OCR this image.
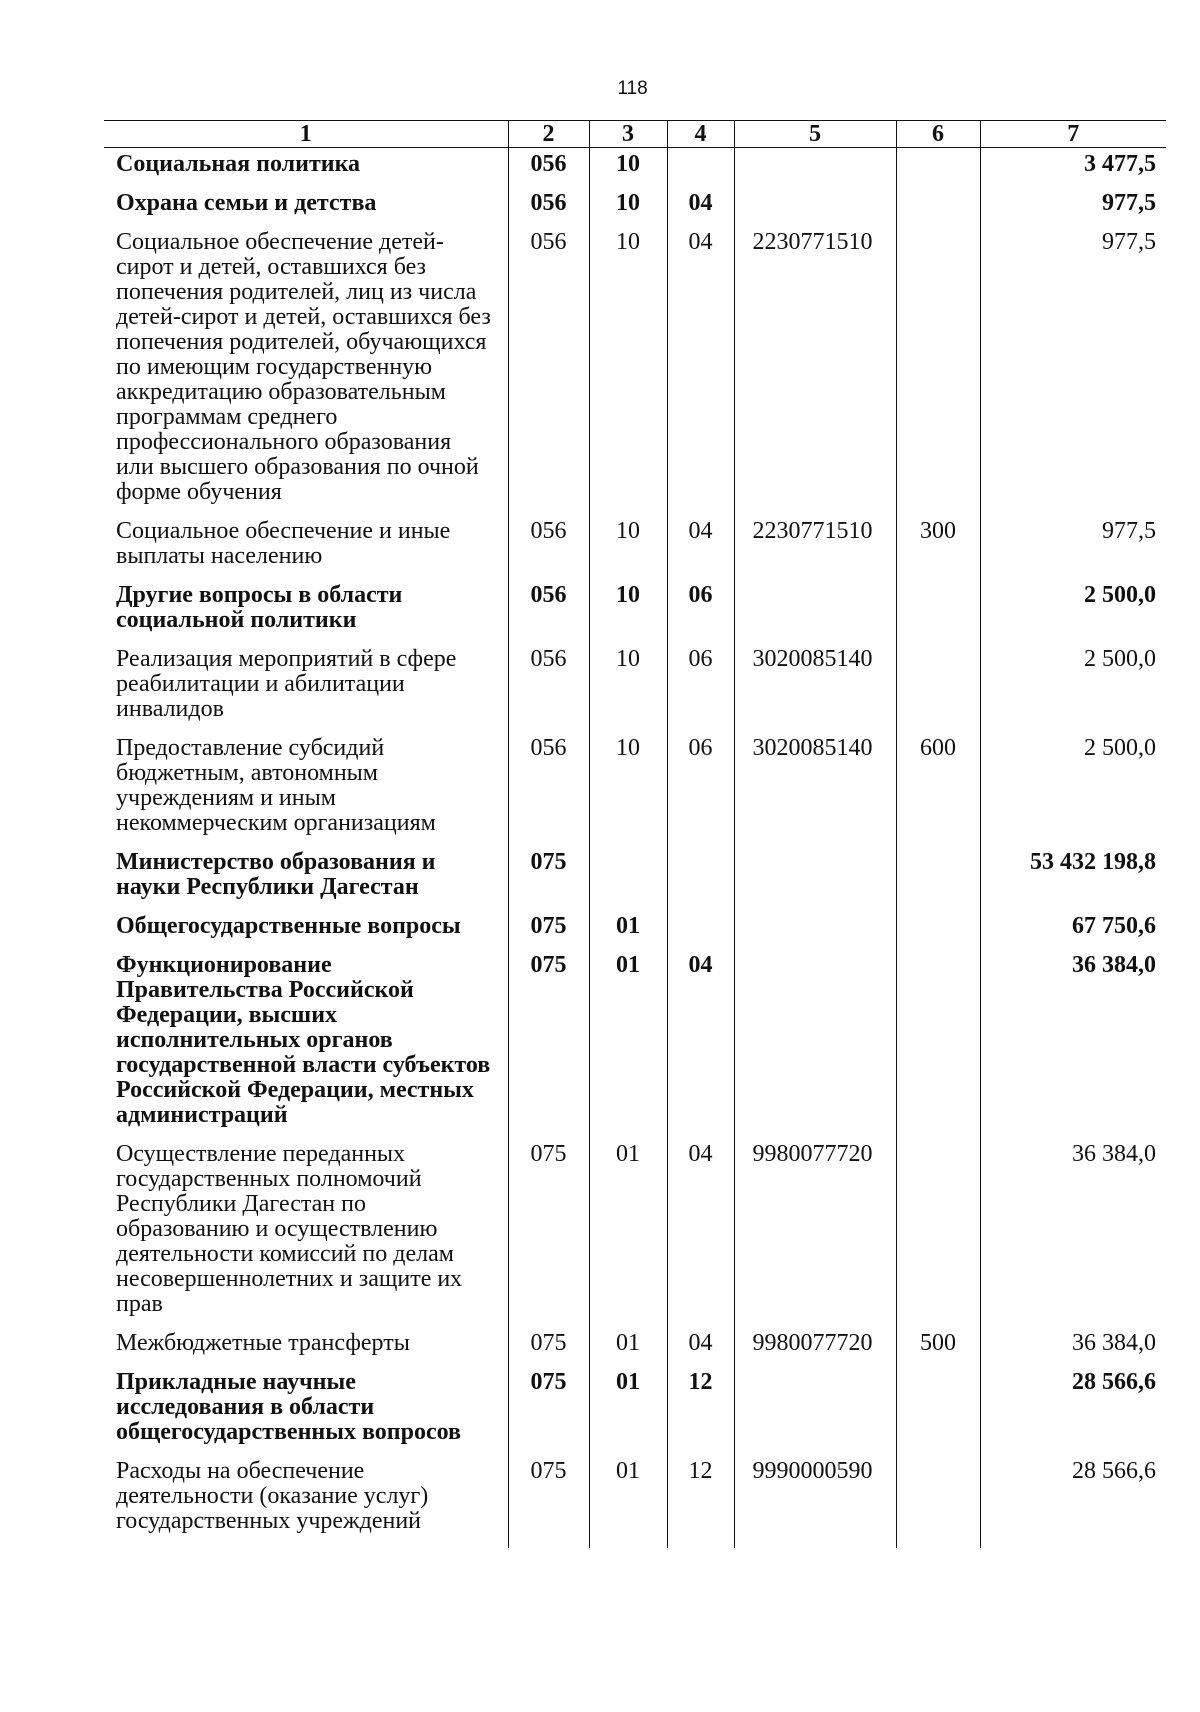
118
1	2	3	4	5	6	7
Социальная политика	056	10				3 477,5
Охрана семьи и детства	056	10	04			977,5
Социальное обеспечение детей-сирот и детей, оставшихся без попечения родителей, лиц из числа детей-сирот и детей, оставшихся без попечения родителей, обучающихся по имеющим государственную аккредитацию образовательным программам среднего профессионального образования или высшего образования по очной форме обучения	056	10	04	2230771510		977,5
Социальное обеспечение и иные выплаты населению	056	10	04	2230771510	300	977,5
Другие вопросы в области социальной политики	056	10	06			2 500,0
Реализация мероприятий в сфере реабилитации и абилитации инвалидов	056	10	06	3020085140		2 500,0
Предоставление субсидий бюджетным, автономным учреждениям и иным некоммерческим организациям	056	10	06	3020085140	600	2 500,0
Министерство образования и науки Республики Дагестан	075					53 432 198,8
Общегосударственные вопросы	075	01				67 750,6
Функционирование Правительства Российской Федерации, высших исполнительных органов государственной власти субъектов Российской Федерации, местных администраций	075	01	04			36 384,0
Осуществление переданных государственных полномочий Республики Дагестан по образованию и осуществлению деятельности комиссий по делам несовершеннолетних и защите их прав	075	01	04	9980077720		36 384,0
Межбюджетные трансферты	075	01	04	9980077720	500	36 384,0
Прикладные научные исследования в области общегосударственных вопросов	075	01	12			28 566,6
Расходы на обеспечение деятельности (оказание услуг) государственных учреждений	075	01	12	9990000590		28 566,6
